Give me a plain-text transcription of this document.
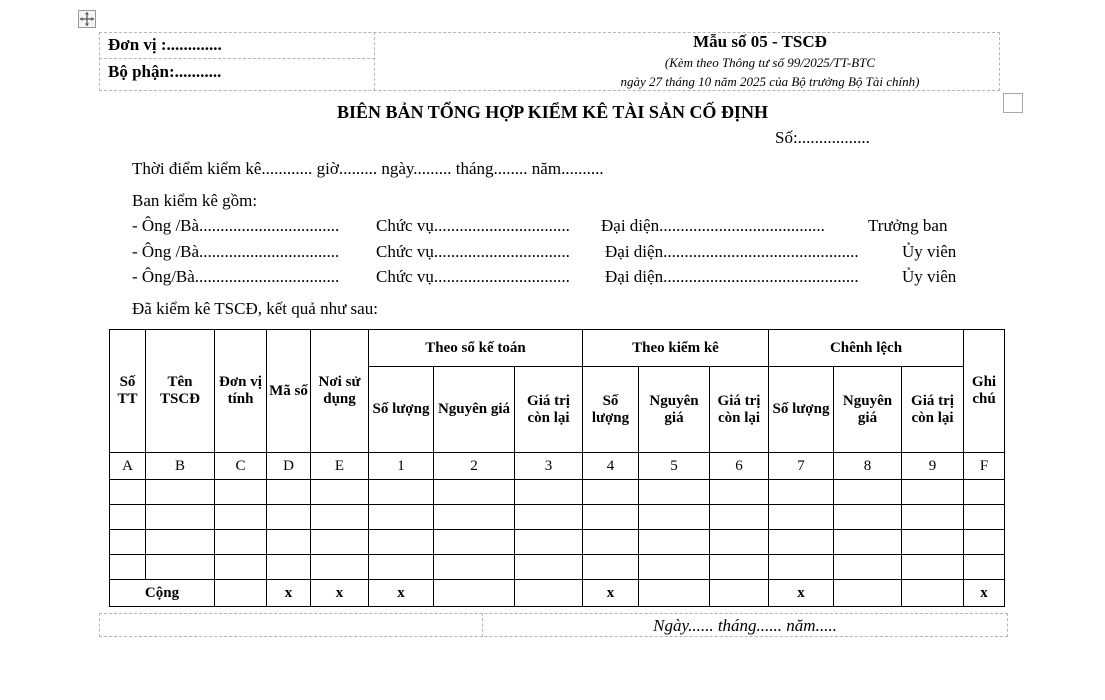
Đơn vị :.............
Bộ phận:...........
Mẫu số 05 - TSCĐ
(Kèm theo Thông tư số 99/2025/TT-BTC
ngày 27 tháng 10 năm 2025 của Bộ trưởng Bộ Tài chính)
BIÊN BẢN TỔNG HỢP KIỂM KÊ TÀI SẢN CỐ ĐỊNH
Số:.................
Thời điểm kiểm kê............ giờ......... ngày......... tháng........ năm..........
Ban kiểm kê gồm:
- Ông /Bà................................. Chức vụ................................ Đại diện.......................................	Trưởng ban
- Ông /Bà................................. Chức vụ................................ Đại diện..............................................	Ủy viên
- Ông/Bà.................................. Chức vụ................................ Đại diện..............................................	Ủy viên
Đã kiểm kê TSCĐ, kết quả như sau:
Số TT	Tên TSCĐ	Đơn vị tính	Mã số	Nơi sử dụng	Theo sổ kế toán			Theo kiểm kê			Chênh lệch			Ghi chú
					Số lượng	Nguyên giá	Giá trị còn lại	Số lượng	Nguyên giá	Giá trị còn lại	Số lượng	Nguyên giá	Giá trị còn lại	
A	B	C	D	E	1	2	3	4	5	6	7	8	9	F

Cộng			x	x	x			x			x			x
Ngày...... tháng...... năm.....
